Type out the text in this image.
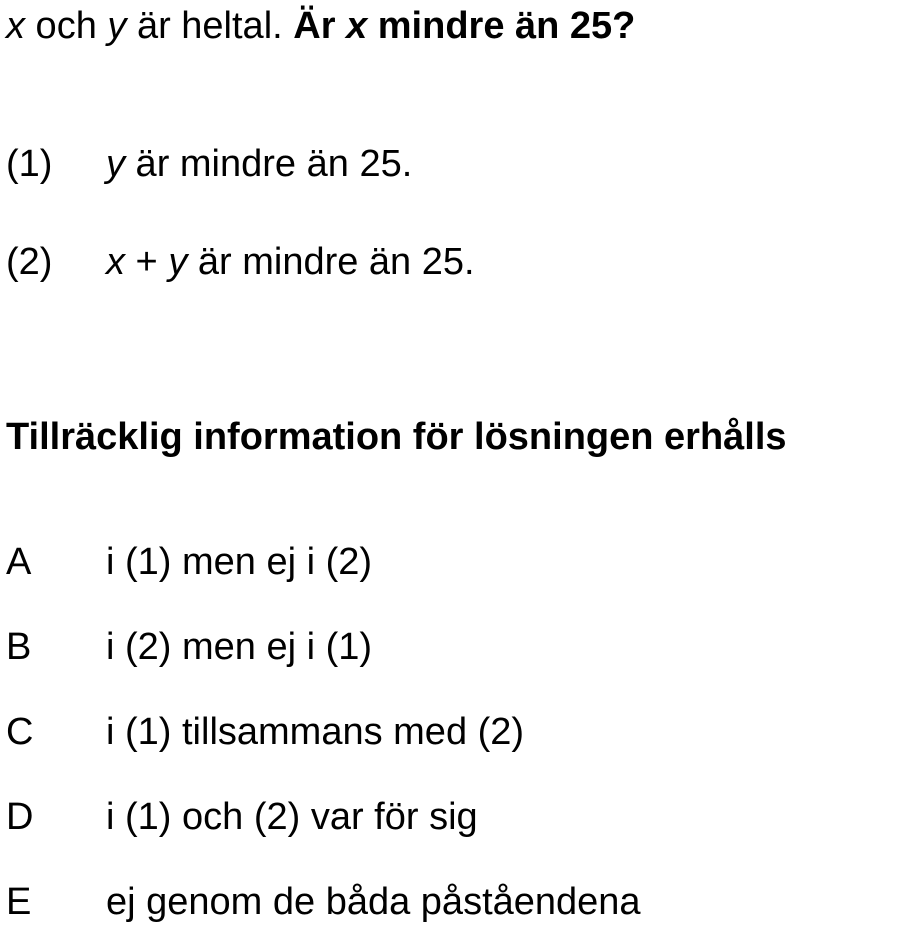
x och y är heltal. Är x mindre än 25?
(1) y är mindre än 25.
(2) x + y är mindre än 25.
Tillräcklig information för lösningen erhålls
A i (1) men ej i (2)
B i (2) men ej i (1)
C i (1) tillsammans med (2)
D i (1) och (2) var för sig
E ej genom de båda påståendena
